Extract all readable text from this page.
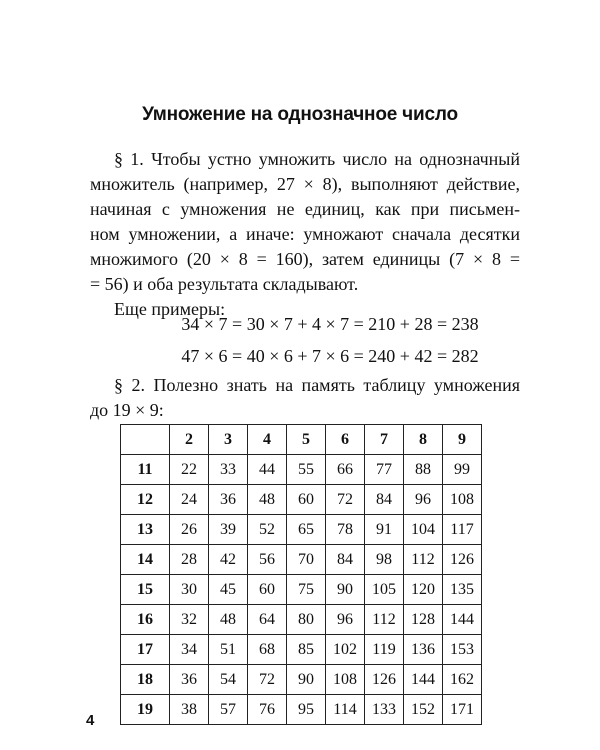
Умножение на однозначное число
§ 1. Чтобы устно умножить число на однозначный
множитель (например, 27 × 8), выполняют действие,
начиная с умножения не единиц, как при письмен-
ном умножении, а иначе: умножают сначала десятки
множимого (20 × 8 = 160), затем единицы (7 × 8 =
= 56) и оба результата складывают.
Еще примеры:
34 × 7 = 30 × 7 + 4 × 7 = 210 + 28 = 238
47 × 6 = 40 × 6 + 7 × 6 = 240 + 42 = 282
§ 2. Полезно знать на память таблицу умножения
до 19 × 9:
	2	3	4	5	6	7	8	9
11	22	33	44	55	66	77	88	99
12	24	36	48	60	72	84	96	108
13	26	39	52	65	78	91	104	117
14	28	42	56	70	84	98	112	126
15	30	45	60	75	90	105	120	135
16	32	48	64	80	96	112	128	144
17	34	51	68	85	102	119	136	153
18	36	54	72	90	108	126	144	162
19	38	57	76	95	114	133	152	171
4
